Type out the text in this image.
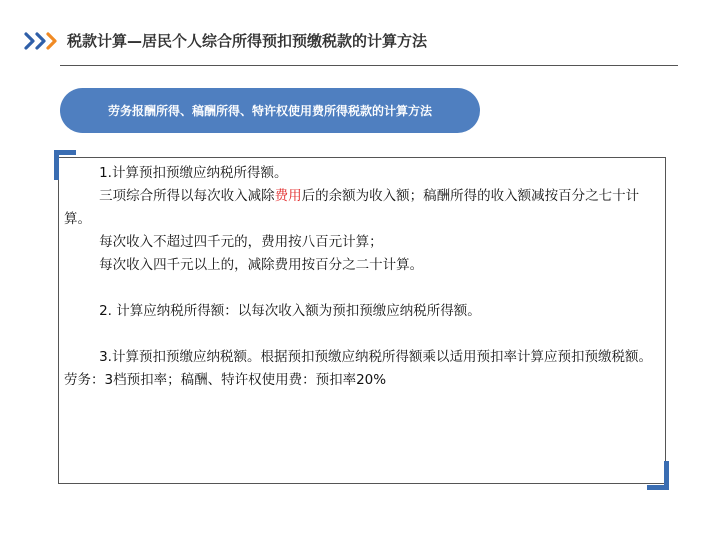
税款计算—居民个人综合所得预扣预缴税款的计算方法
劳务报酬所得、稿酬所得、特许权使用费所得税款的计算方法

1.计算预扣预缴应纳税所得额。

三项综合所得以每次收入减除费用后的余额为收入额；稿酬所得的收入额减按百分之七十计算。

每次收入不超过四千元的，费用按八百元计算；

每次收入四千元以上的，减除费用按百分之二十计算。

2. 计算应纳税所得额：以每次收入额为预扣预缴应纳税所得额。

3.计算预扣预缴应纳税额。根据预扣预缴应纳税所得额乘以适用预扣率计算应预扣预缴税额。劳务：3档预扣率；稿酬、特许权使用费：预扣率20%
